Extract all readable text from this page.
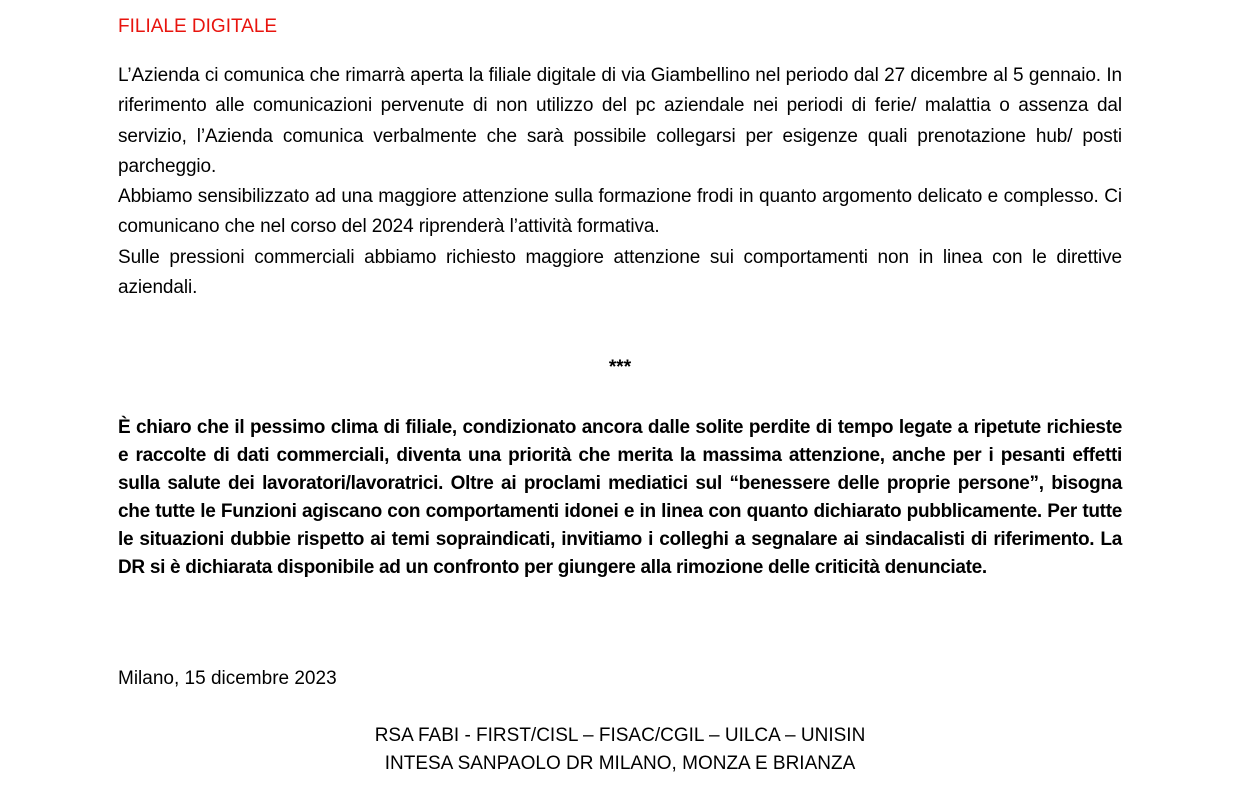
FILIALE DIGITALE

L’Azienda ci comunica che rimarrà aperta la filiale digitale di via Giambellino nel periodo dal 27 dicembre al 5 gennaio. In riferimento alle comunicazioni pervenute di non utilizzo del pc aziendale nei periodi di ferie/ malattia o assenza dal servizio, l’Azienda comunica verbalmente che sarà possibile collegarsi per esigenze quali prenotazione hub/ posti parcheggio.

Abbiamo sensibilizzato ad una maggiore attenzione sulla formazione frodi in quanto argomento delicato e complesso. Ci comunicano che nel corso del 2024 riprenderà l’attività formativa.

Sulle pressioni commerciali abbiamo richiesto maggiore attenzione sui comportamenti non in linea con le direttive aziendali.

***
È chiaro che il pessimo clima di filiale, condizionato ancora dalle solite perdite di tempo legate a ripetute richieste e raccolte di dati commerciali, diventa una priorità che merita la massima attenzione, anche per i pesanti effetti sulla salute dei lavoratori/lavoratrici. Oltre ai proclami mediatici sul “benessere delle proprie persone”, bisogna che tutte le Funzioni agiscano con comportamenti idonei e in linea con quanto dichiarato pubblicamente. Per tutte le situazioni dubbie rispetto ai temi sopraindicati, invitiamo i colleghi a segnalare ai sindacalisti di riferimento. La DR si è dichiarata disponibile ad un confronto per giungere alla rimozione delle criticità denunciate.
Milano, 15 dicembre 2023
RSA FABI - FIRST/CISL – FISAC/CGIL – UILCA – UNISIN
INTESA SANPAOLO DR MILANO, MONZA E BRIANZA
